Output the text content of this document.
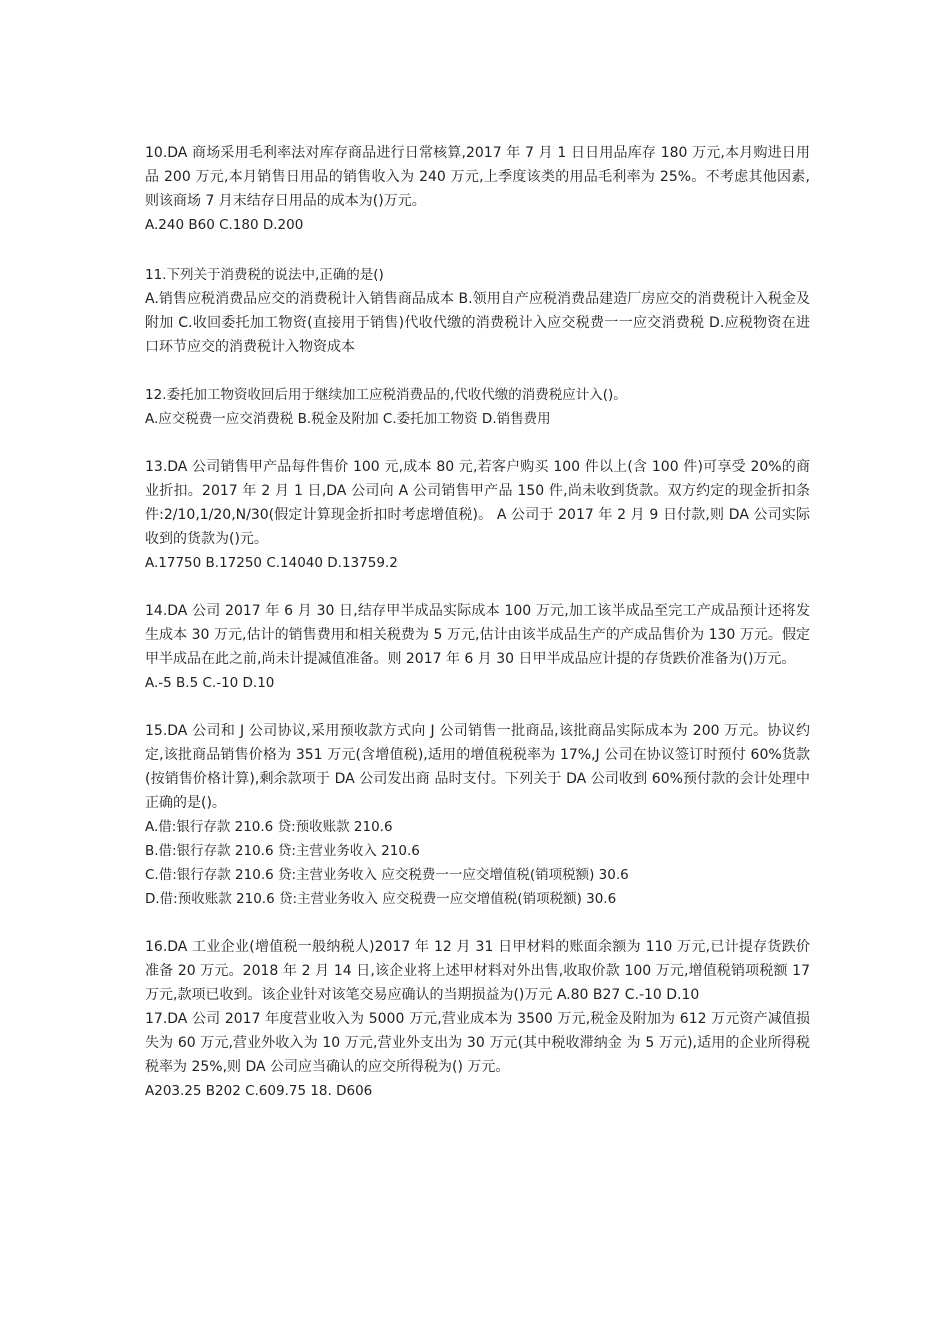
10.DA 商场采用毛利率法对库存商品进行日常核算,2017 年 7 月 1 日日用品库存 180 万元,本月购进日用品 200 万元,本月销售日用品的销售收入为 240 万元,上季度该类的用品毛利率为 25%。不考虑其他因素,则该商场 7 月末结存日用品的成本为()万元。

A.240 B60 C.180 D.200

11.下列关于消费税的说法中,正确的是()

A.销售应税消费品应交的消费税计入销售商品成本 B.领用自产应税消费品建造厂房应交的消费税计入税金及附加 C.收回委托加工物资(直接用于销售)代收代缴的消费税计入应交税费一一应交消费税 D.应税物资在进口环节应交的消费税计入物资成本

12.委托加工物资收回后用于继续加工应税消费品的,代收代缴的消费税应计入()。

A.应交税费一应交消费税 B.税金及附加 C.委托加工物资 D.销售费用

13.DA 公司销售甲产品每件售价 100 元,成本 80 元,若客户购买 100 件以上(含 100 件)可享受 20%的商业折扣。2017 年 2 月 1 日,DA 公司向 A 公司销售甲产品 150 件,尚未收到货款。双方约定的现金折扣条件:2/10,1/20,N/30(假定计算现金折扣时考虑增值税)。 A 公司于 2017 年 2 月 9 日付款,则 DA 公司实际收到的货款为()元。

A.17750 B.17250 C.14040 D.13759.2

14.DA 公司 2017 年 6 月 30 日,结存甲半成品实际成本 100 万元,加工该半成品至完工产成品预计还将发生成本 30 万元,估计的销售费用和相关税费为 5 万元,估计由该半成品生产的产成品售价为 130 万元。假定甲半成品在此之前,尚未计提减值准备。则 2017 年 6 月 30 日甲半成品应计提的存货跌价准备为()万元。

A.-5 B.5 C.-10 D.10

15.DA 公司和 J 公司协议,采用预收款方式向 J 公司销售一批商品,该批商品实际成本为 200 万元。协议约定,该批商品销售价格为 351 万元(含增值税),适用的增值税税率为 17%,J 公司在协议签订时预付 60%货款(按销售价格计算),剩余款项于 DA 公司发出商 品时支付。下列关于 DA 公司收到 60%预付款的会计处理中正确的是()。

A.借:银行存款 210.6 贷:预收账款 210.6

B.借:银行存款 210.6 贷:主营业务收入 210.6

C.借:银行存款 210.6 贷:主营业务收入 应交税费一一应交增值税(销项税额) 30.6

D.借:预收账款 210.6 贷:主营业务收入 应交税费一应交增值税(销项税额) 30.6

16.DA 工业企业(增值税一般纳税人)2017 年 12 月 31 日甲材料的账面余额为 110 万元,已计提存货跌价准备 20 万元。2018 年 2 月 14 日,该企业将上述甲材料对外出售,收取价款 100 万元,增值税销项税额 17 万元,款项已收到。该企业针对该笔交易应确认的当期损益为()万元 A.80 B27 C.-10 D.10

17.DA 公司 2017 年度营业收入为 5000 万元,营业成本为 3500 万元,税金及附加为 612 万元资产减值损失为 60 万元,营业外收入为 10 万元,营业外支出为 30 万元(其中税收滞纳金 为 5 万元),适用的企业所得税税率为 25%,则 DA 公司应当确认的应交所得税为() 万元。

A203.25 B202 C.609.75 18. D606
